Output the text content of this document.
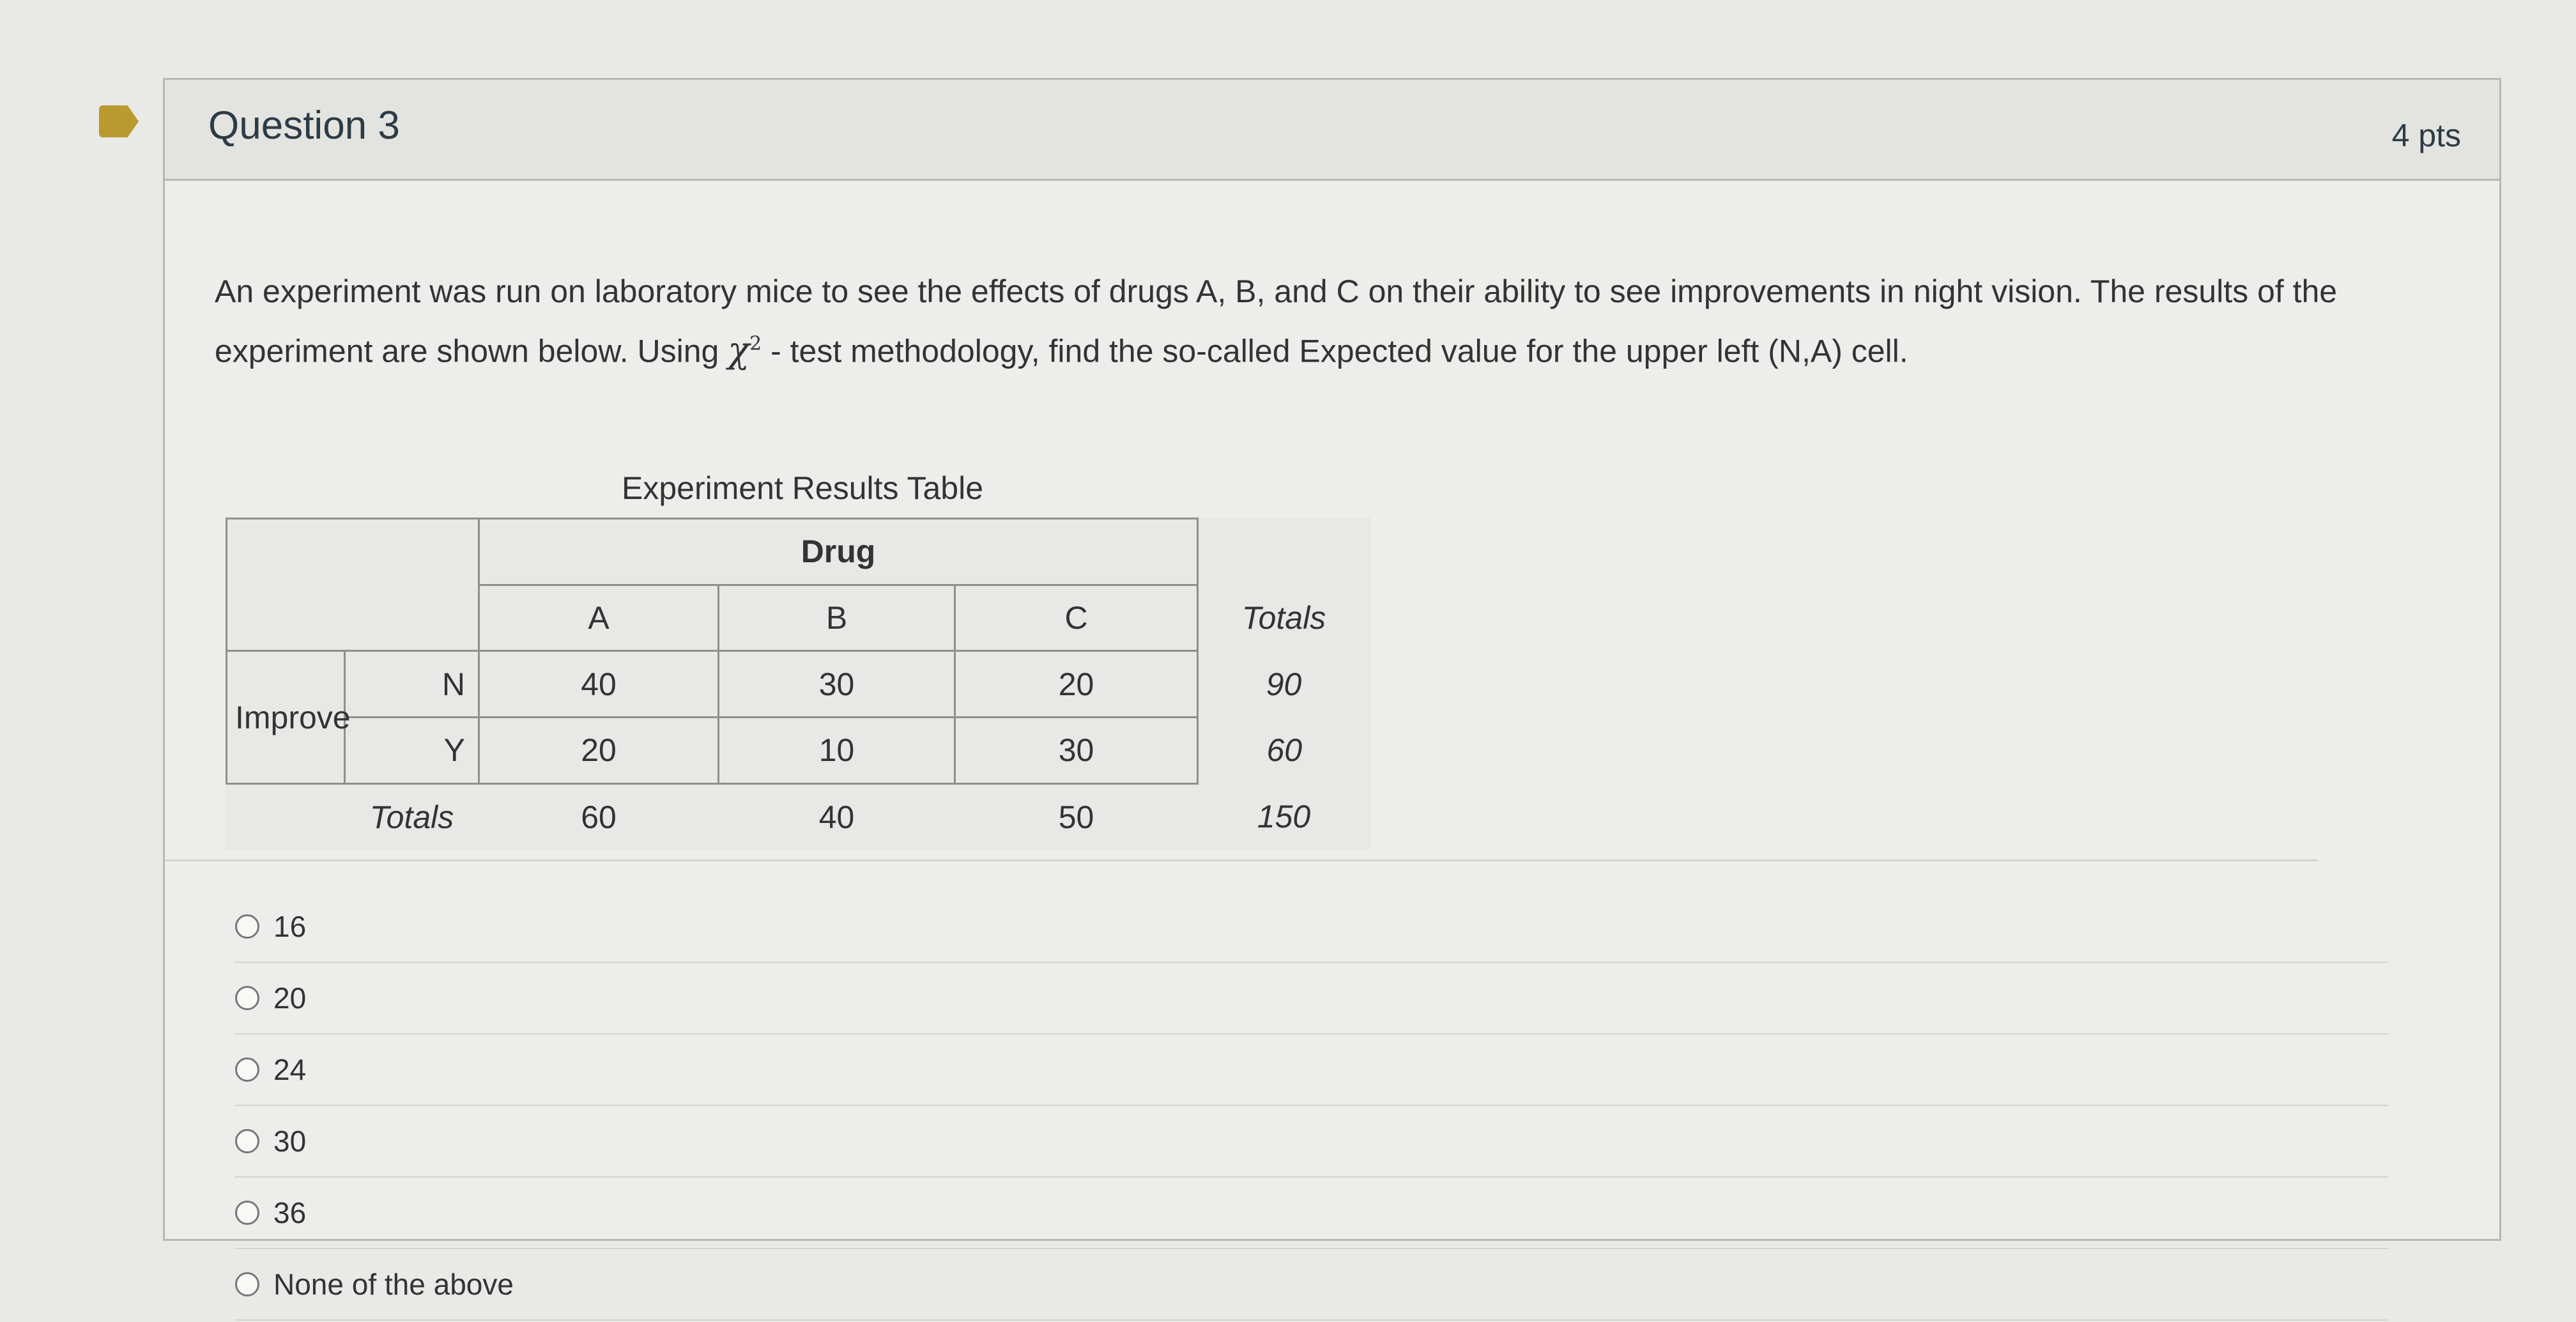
Question 3	4 pts
An experiment was run on laboratory mice to see the effects of drugs A, B, and C on their ability to see improvements in night vision. The results of the experiment are shown below. Using $\chi^2$ - test methodology, find the so-called Expected value for the upper left (N,A) cell.
Experiment Results Table
		Drug			
		A	B	C	Totals
Improve	N	40	30	20	90
	Y	20	10	30	60
	Totals	60	40	50	150
16
20
24
30
36
None of the above
